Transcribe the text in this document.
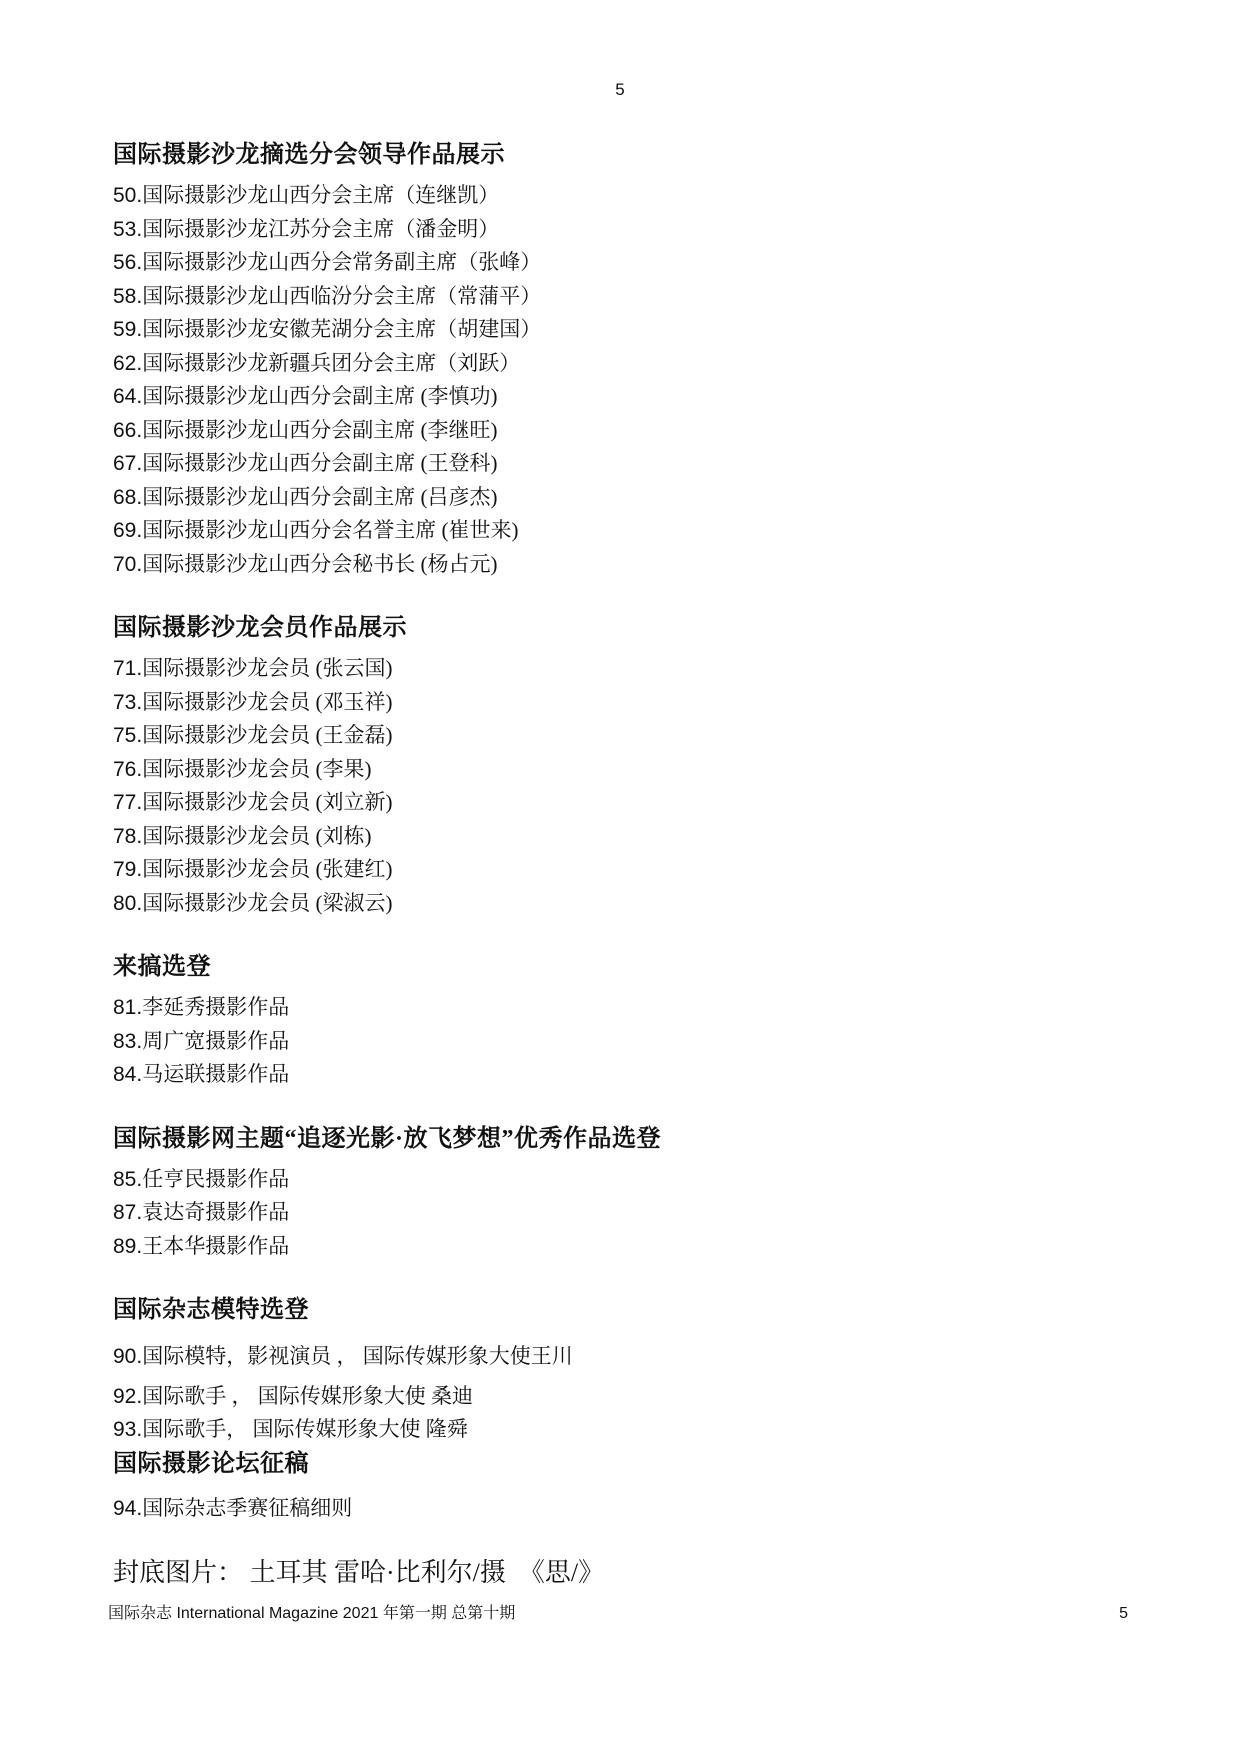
5
国际摄影沙龙摘选分会领导作品展示

50.国际摄影沙龙山西分会主席（连继凯）

53.国际摄影沙龙江苏分会主席（潘金明）

56.国际摄影沙龙山西分会常务副主席（张峰）

58.国际摄影沙龙山西临汾分会主席（常蒲平）

59.国际摄影沙龙安徽芜湖分会主席（胡建国）

62.国际摄影沙龙新疆兵团分会主席（刘跃）

64.国际摄影沙龙山西分会副主席 (李慎功)

66.国际摄影沙龙山西分会副主席 (李继旺)

67.国际摄影沙龙山西分会副主席 (王登科)

68.国际摄影沙龙山西分会副主席 (吕彦杰)

69.国际摄影沙龙山西分会名誉主席 (崔世来)

70.国际摄影沙龙山西分会秘书长 (杨占元)

国际摄影沙龙会员作品展示

71.国际摄影沙龙会员 (张云国)

73.国际摄影沙龙会员 (邓玉祥)

75.国际摄影沙龙会员 (王金磊)

76.国际摄影沙龙会员 (李果)

77.国际摄影沙龙会员 (刘立新)

78.国际摄影沙龙会员 (刘栋)

79.国际摄影沙龙会员 (张建红)

80.国际摄影沙龙会员 (梁淑云)

来搞选登

81.李延秀摄影作品

83.周广宽摄影作品

84.马运联摄影作品

国际摄影网主题“追逐光影·放飞梦想”优秀作品选登

85.任亨民摄影作品

87.袁达奇摄影作品

89.王本华摄影作品

国际杂志模特选登

90.国际模特，影视演员 ， 国际传媒形象大使王川

92.国际歌手 ， 国际传媒形象大使 桑迪

93.国际歌手， 国际传媒形象大使 隆舜

国际摄影论坛征稿

94.国际杂志季赛征稿细则

封底图片： 土耳其 雷哈·比利尔/摄  《思/》

国际杂志 International Magazine 2021 年第一期 总第十期	5
